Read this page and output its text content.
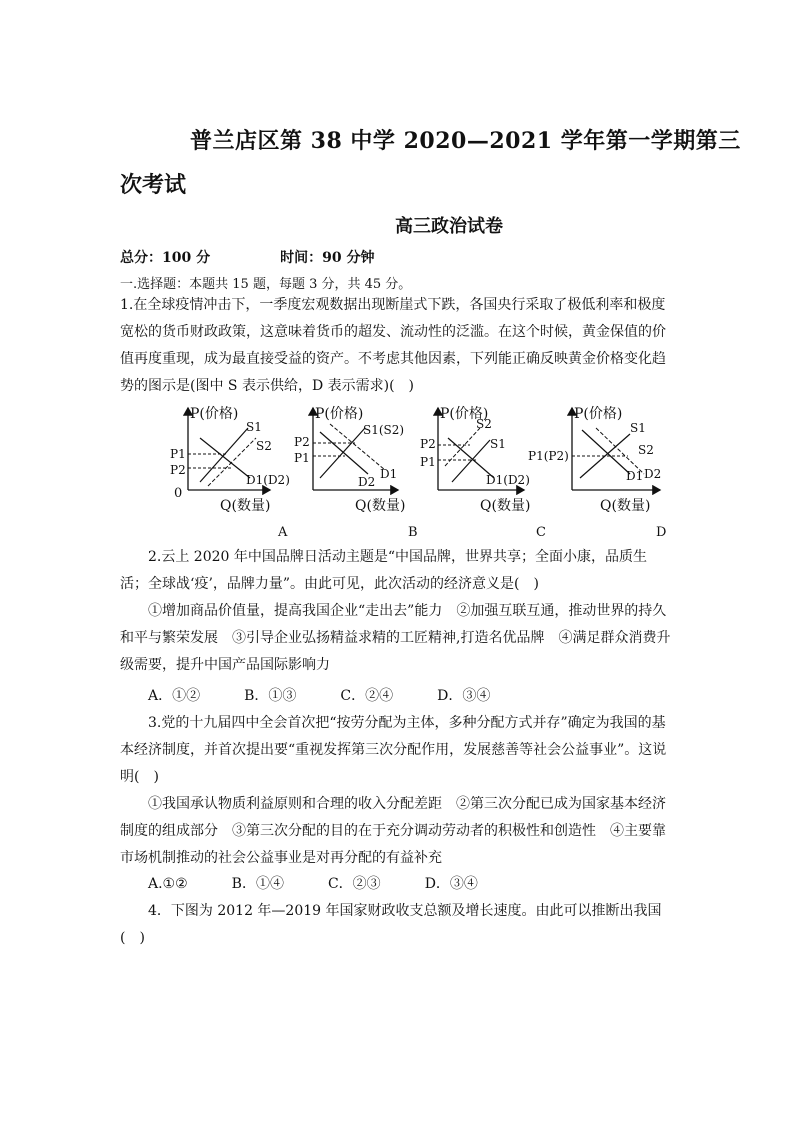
普兰店区第 38 中学 2020—2021 学年第一学期第三
次考试
高三政治试卷
总分：100 分	时间：90 分钟
一.选择题：本题共 15 题，每题 3 分，共 45 分。
1.在全球疫情冲击下，一季度宏观数据出现断崖式下跌，各国央行采取了极低利率和极度宽松的货币财政政策，这意味着货币的超发、流动性的泛滥。在这个时候，黄金保值的价值再度重现，成为最直接受益的资产。不考虑其他因素，下列能正确反映黄金价格变化趋势的图示是(图中 S 表示供给，D 表示需求)(　)
P(价格)
0
Q(数量)
P1
P2
S1
S2
D1(D2)
A
P(价格)
Q(数量)
P2
P1
S1(S2)
D2
D1
B
P(价格)
Q(数量)
P2
P1
S2
S1
D1(D2)
C
P(价格)
Q(数量)
P1(P2)
S1
S2
D1 D2
D
2.云上 2020 年中国品牌日活动主题是“中国品牌，世界共享；全面小康，品质生活；全球战‘疫’，品牌力量”。由此可见，此次活动的经济意义是(　)
①增加商品价值量，提高我国企业“走出去”能力　②加强互联互通，推动世界的持久和平与繁荣发展　③引导企业弘扬精益求精的工匠精神,打造名优品牌　④满足群众消费升级需要，提升中国产品国际影响力
A．①②	B．①③	C．②④	D．③④
3.党的十九届四中全会首次把“按劳分配为主体，多种分配方式并存”确定为我国的基本经济制度，并首次提出要“重视发挥第三次分配作用，发展慈善等社会公益事业”。这说明(　)
①我国承认物质利益原则和合理的收入分配差距　②第三次分配已成为国家基本经济制度的组成部分　③第三次分配的目的在于充分调动劳动者的积极性和创造性　④主要靠市场机制推动的社会公益事业是对再分配的有益补充
A.①②	B．①④	C．②③	D．③④
4．下图为 2012 年—2019 年国家财政收支总额及增长速度。由此可以推断出我国(　)
